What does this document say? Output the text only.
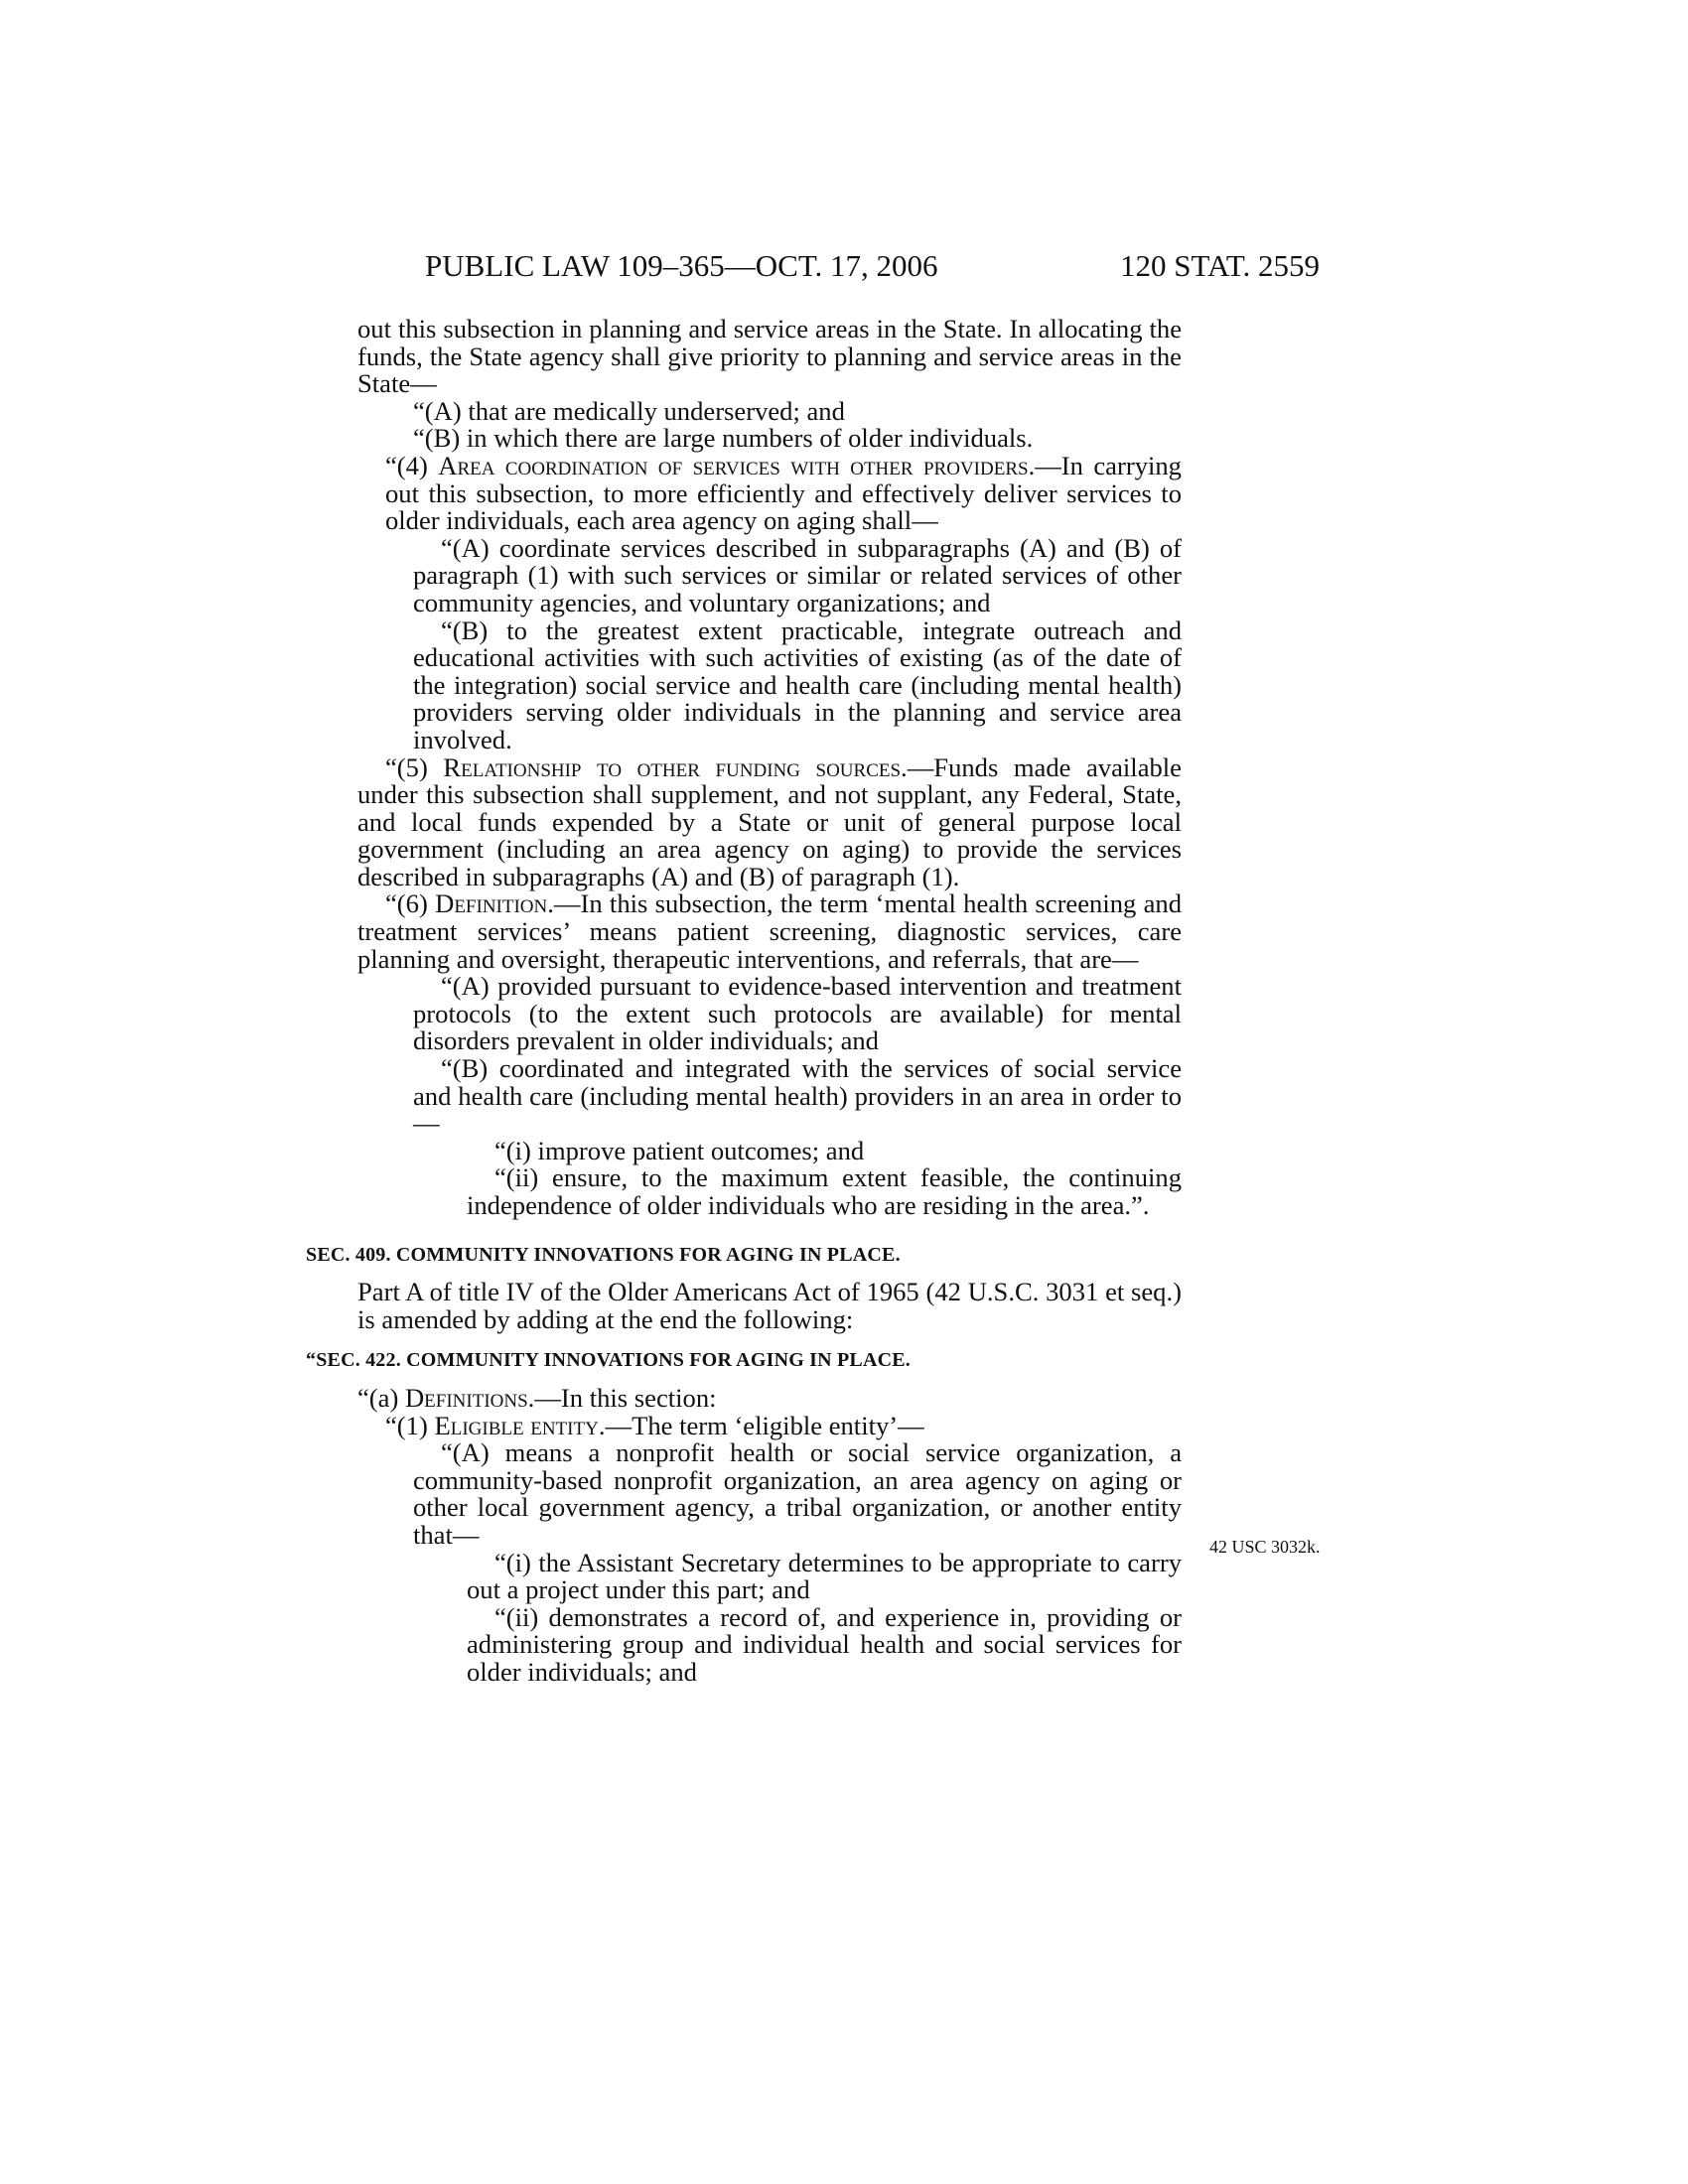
PUBLIC LAW 109–365—OCT. 17, 2006	120 STAT. 2559

out this subsection in planning and service areas in the State. In allocating the funds, the State agency shall give priority to planning and service areas in the State—

“(A) that are medically underserved; and

“(B) in which there are large numbers of older individuals.

“(4) Area coordination of services with other providers.—In carrying out this subsection, to more efficiently and effectively deliver services to older individuals, each area agency on aging shall—

“(A) coordinate services described in subparagraphs (A) and (B) of paragraph (1) with such services or similar or related services of other community agencies, and voluntary organizations; and

“(B) to the greatest extent practicable, integrate outreach and educational activities with such activities of existing (as of the date of the integration) social service and health care (including mental health) providers serving older individuals in the planning and service area involved.

“(5) Relationship to other funding sources.—Funds made available under this subsection shall supplement, and not supplant, any Federal, State, and local funds expended by a State or unit of general purpose local government (including an area agency on aging) to provide the services described in subparagraphs (A) and (B) of paragraph (1).

“(6) Definition.—In this subsection, the term ‘mental health screening and treatment services’ means patient screening, diagnostic services, care planning and oversight, therapeutic interventions, and referrals, that are—

“(A) provided pursuant to evidence-based intervention and treatment protocols (to the extent such protocols are available) for mental disorders prevalent in older individuals; and

“(B) coordinated and integrated with the services of social service and health care (including mental health) providers in an area in order to—

“(i) improve patient outcomes; and

“(ii) ensure, to the maximum extent feasible, the continuing independence of older individuals who are residing in the area.”.

SEC. 409. COMMUNITY INNOVATIONS FOR AGING IN PLACE.

Part A of title IV of the Older Americans Act of 1965 (42 U.S.C. 3031 et seq.) is amended by adding at the end the following:

“SEC. 422. COMMUNITY INNOVATIONS FOR AGING IN PLACE.

“(a) Definitions.—In this section:

“(1) Eligible entity.—The term ‘eligible entity’—

“(A) means a nonprofit health or social service organization, a community-based nonprofit organization, an area agency on aging or other local government agency, a tribal organization, or another entity that—

“(i) the Assistant Secretary determines to be appropriate to carry out a project under this part; and

“(ii) demonstrates a record of, and experience in, providing or administering group and individual health and social services for older individuals; and

42 USC 3032k.
